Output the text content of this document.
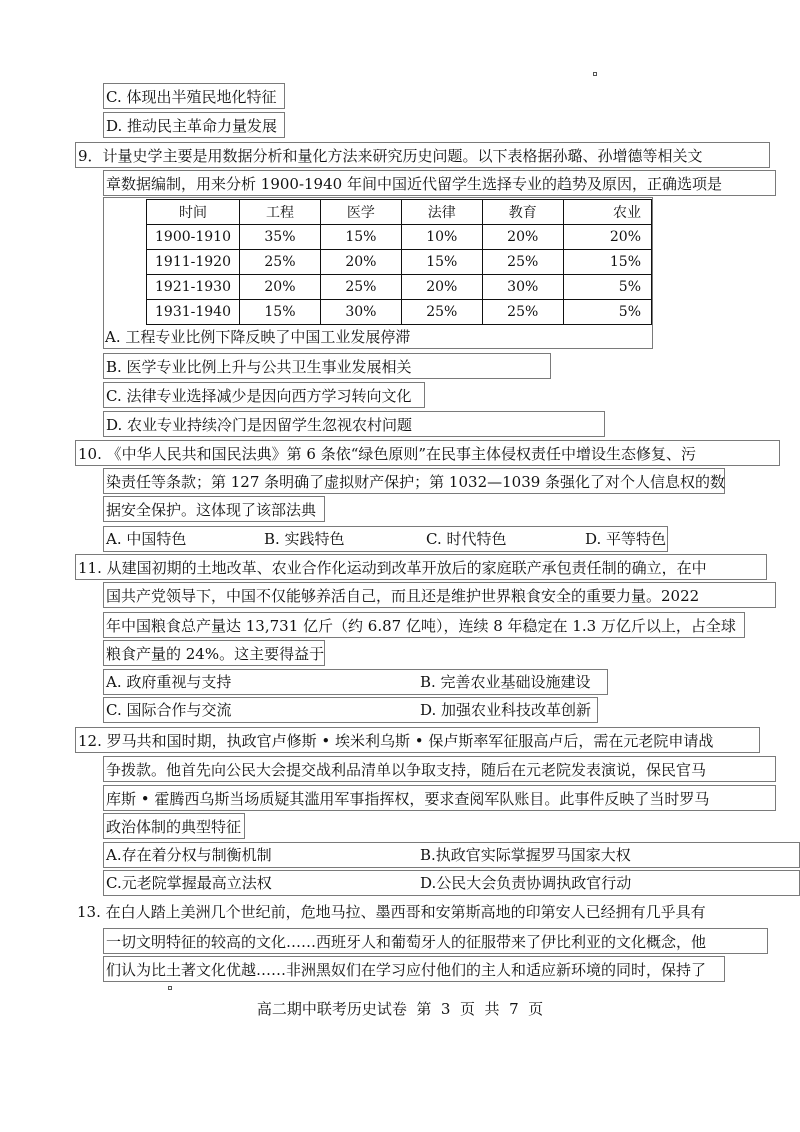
C. 体现出半殖民地化特征
D. 推动民主革命力量发展
9．计量史学主要是用数据分析和量化方法来研究历史问题。以下表格据孙璐、孙增德等相关文
章数据编制，用来分析 1900-1940 年间中国近代留学生选择专业的趋势及原因，正确选项是
时间	工程	医学	法律	教育	农业
1900-1910	35%	15%	10%	20%	20%
1911-1920	25%	20%	15%	25%	15%
1921-1930	20%	25%	20%	30%	5%
1931-1940	15%	30%	25%	25%	5%
A. 工程专业比例下降反映了中国工业发展停滞
B. 医学专业比例上升与公共卫生事业发展相关
C. 法律专业选择减少是因向西方学习转向文化
D. 农业专业持续冷门是因留学生忽视农村问题
10. 《中华人民共和国民法典》第 6 条依“绿色原则”在民事主体侵权责任中增设生态修复、污
染责任等条款；第 127 条明确了虚拟财产保护；第 1032—1039 条强化了对个人信息权的数
据安全保护。这体现了该部法典
A. 中国特色	B. 实践特色	C. 时代特色	D. 平等特色
11. 从建国初期的土地改革、农业合作化运动到改革开放后的家庭联产承包责任制的确立，在中
国共产党领导下，中国不仅能够养活自己，而且还是维护世界粮食安全的重要力量。2022
年中国粮食总产量达 13,731 亿斤（约 6.87 亿吨），连续 8 年稳定在 1.3 万亿斤以上，占全球
粮食产量的 24%。这主要得益于
A. 政府重视与支持	B. 完善农业基础设施建设
C. 国际合作与交流	D. 加强农业科技改革创新
12. 罗马共和国时期，执政官卢修斯 • 埃米利乌斯 • 保卢斯率军征服高卢后，需在元老院申请战
争拨款。他首先向公民大会提交战利品清单以争取支持，随后在元老院发表演说，保民官马
库斯 • 霍腾西乌斯当场质疑其滥用军事指挥权，要求查阅军队账目。此事件反映了当时罗马
政治体制的典型特征
A.存在着分权与制衡机制	B.执政官实际掌握罗马国家大权
C.元老院掌握最高立法权	D.公民大会负责协调执政官行动
13. 在白人踏上美洲几个世纪前，危地马拉、墨西哥和安第斯高地的印第安人已经拥有几乎具有
一切文明特征的较高的文化……西班牙人和葡萄牙人的征服带来了伊比利亚的文化概念，他
们认为比土著文化优越……非洲黑奴们在学习应付他们的主人和适应新环境的同时，保持了
高二期中联考历史试卷  第  3  页  共  7  页
